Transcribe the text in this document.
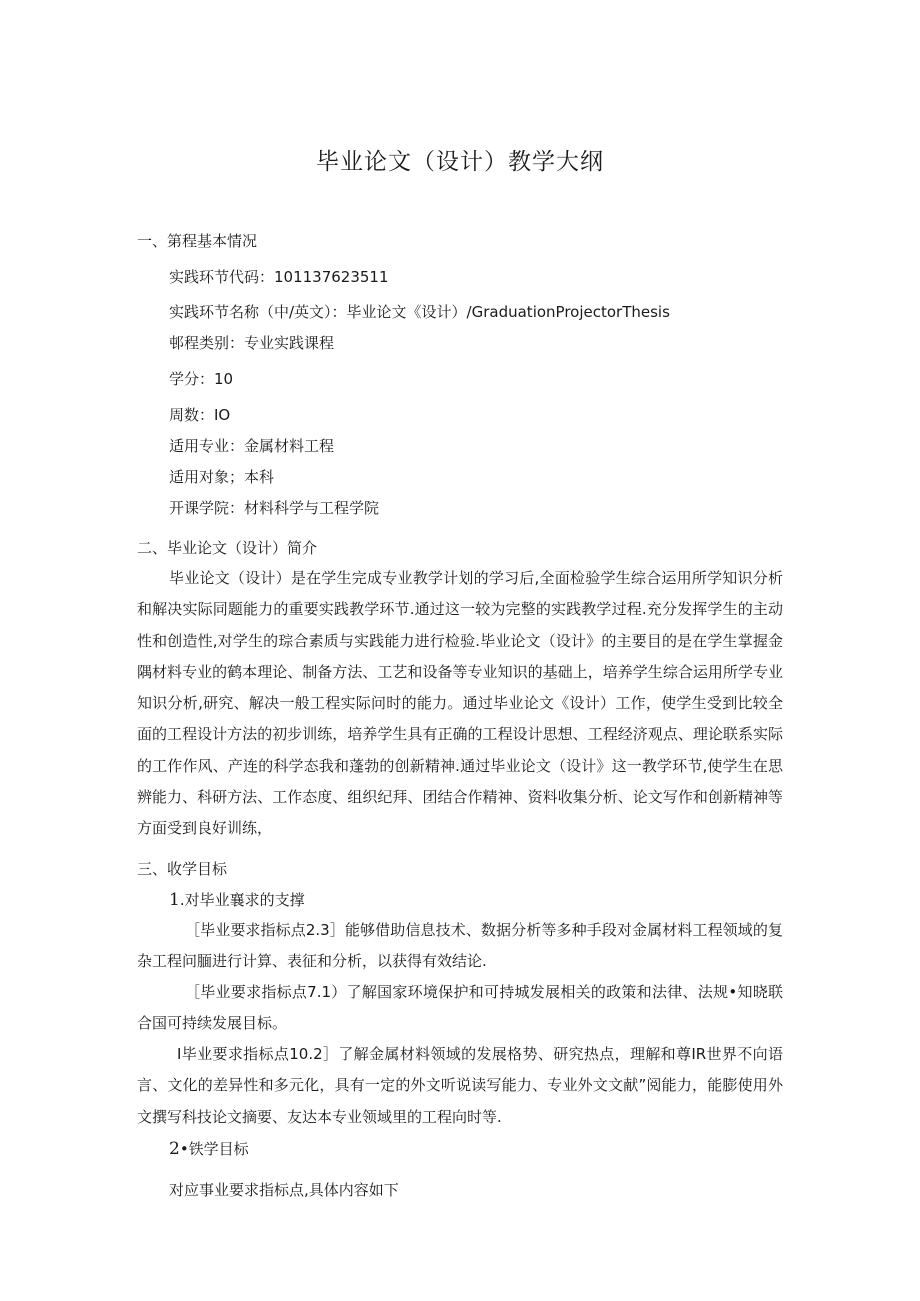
毕业论文（设计）教学大纲
一、第程基本情况
实践环节代码：101137623511
实践环节名称（中/英文）：毕业论文《设计）/GraduationProjectorThesis
邨程类别：专业实践课程
学分：10
周数：IO
适用专业：金属材料工程
适用对象；本科
开课学院：材料科学与工程学院
二、毕业论文（设计）简介
毕业论文（设计）是在学生完成专业教学计划的学习后,全面检验学生综合运用所学知识分析和解决实际同题能力的重要实践教学环节.通过这一较为完整的实践教学过程.充分发挥学生的主动性和创造性,对学生的琮合素质与实践能力进行检验.毕业论文（设计》的主要目的是在学生掌握金隅材料专业的鹤本理论、制备方法、工艺和设备等专业知识的基础上，培养学生综合运用所学专业知识分析,研究、解决一般工程实际问时的能力。通过毕业论文《设计）工作，使学生受到比较全面的工程设计方法的初步训练，培养学生具有正确的工程设计思想、工程经济观点、理论联系实际的工作作风、产连的科学态我和蓬勃的创新精神.通过毕业论文（设计》这一教学环节,使学生在思辨能力、科研方法、工作态度、组织纪拜、团结合作精神、资料收集分析、论文写作和创新精神等方面受到良好训练，
三、收学目标
1.对毕业襄求的支撑
［毕业要求指标点2.3］能够借助信息技术、数据分析等多种手段对金属材料工程领域的复杂工程问腼进行计算、表征和分析，以获得有效结论.
［毕业要求指标点7.1）了解国家环境保护和可持城发展相关的政策和法律、法规•知晓联合国可持续发展目标。
I毕业要求指标点10.2］了解金属材料领域的发展格势、研究热点，理解和尊IR世界不向语言、文化的差异性和多元化，具有一定的外文听说读写能力、专业外文文献”阅能力，能膨使用外文撰写科技论文摘要、友达本专业领域里的工程向时等.
2•铁学目标
对应事业要求指标点,具体内容如下
